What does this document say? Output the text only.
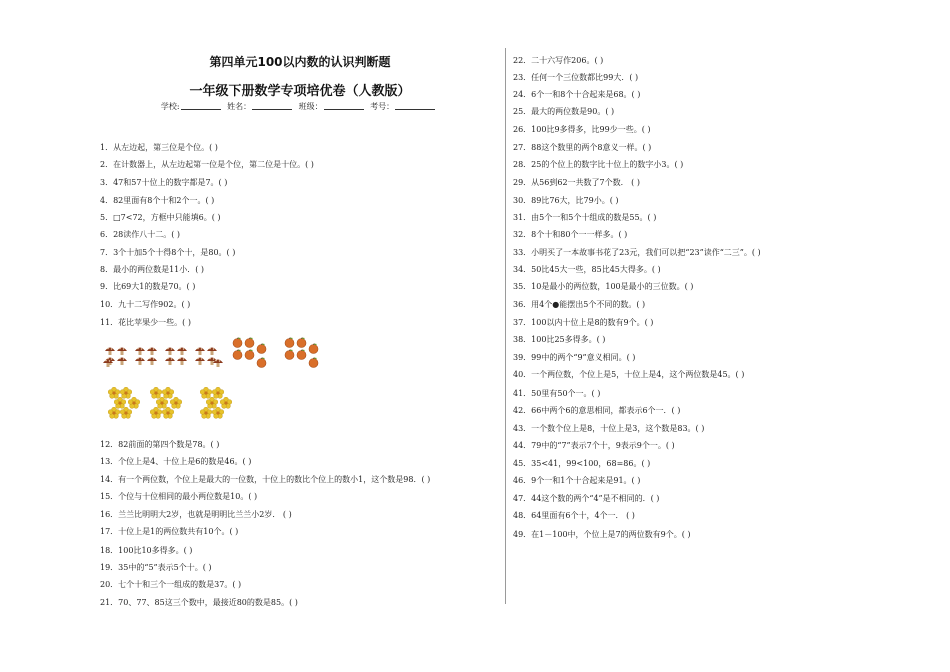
第四单元100以内数的认识判断题
一年级下册数学专项培优卷（人教版）
学校:	姓名：	班级：	考号：
1．从左边起，第三位是个位。( )
2．在计数器上，从左边起第一位是个位，第二位是十位。( )
3．47和57十位上的数字都是7。( )
4．82里面有8个十和2个一。( )
5．□7<72，方框中只能填6。( )
6．28读作八十二。( )
7．3个十加5个十得8个十，是80。( )
8．最小的两位数是11小．( )
9．比69大1的数是70。( )
10．九十二写作902。( )
11．花比苹果少一些。( )
12．82前面的第四个数是78。( )
13．个位上是4、十位上是6的数是46。( )
14．有一个两位数，个位上是最大的一位数，十位上的数比个位上的数小1，这个数是98．( )
15．个位与十位相同的最小两位数是10。( )
16．兰兰比明明大2岁，也就是明明比兰兰小2岁． ( )
17．十位上是1的两位数共有10个。( )
18．100比10多得多。( )
19．35中的“5”表示5个十。( )
20．七个十和三个一组成的数是37。( )
21．70、77、85这三个数中，最接近80的数是85。( )
22．二十六写作206。( )
23．任何一个三位数都比99大．( )
24．6个一和8个十合起来是68。( )
25．最大的两位数是90。( )
26．100比9多得多，比99少一些。( )
27．88这个数里的两个8意义一样。( )
28．25的个位上的数字比十位上的数字小3。( )
29．从56到62一共数了7个数． ( )
30．89比76大，比79小。( )
31．由5个一和5个十组成的数是55。( )
32．8个十和80个一一样多。( )
33．小明买了一本故事书花了23元，我们可以把“23”读作“二三”。( )
34．50比45大一些，85比45大得多。( )
35．10是最小的两位数，100是最小的三位数。( )
36．用4个●能摆出5个不同的数。( )
37．100以内十位上是8的数有9个。( )
38．100比25多得多。( )
39．99中的两个“9”意义相同。( )
40．一个两位数，个位上是5，十位上是4，这个两位数是45。( )
41．50里有50个一。( )
42．66中两个6的意思相同，都表示6个一．( )
43．一个数个位上是8，十位上是3，这个数是83。( )
44．79中的“7”表示7个十，9表示9个一。( )
45．35<41，99<100，68=86。( )
46．9个一和1个十合起来是91。( )
47．44这个数的两个“4”是不相同的．( )
48．64里面有6个十，4个一． ( )
49．在1－100中，个位上是7的两位数有9个。( )
